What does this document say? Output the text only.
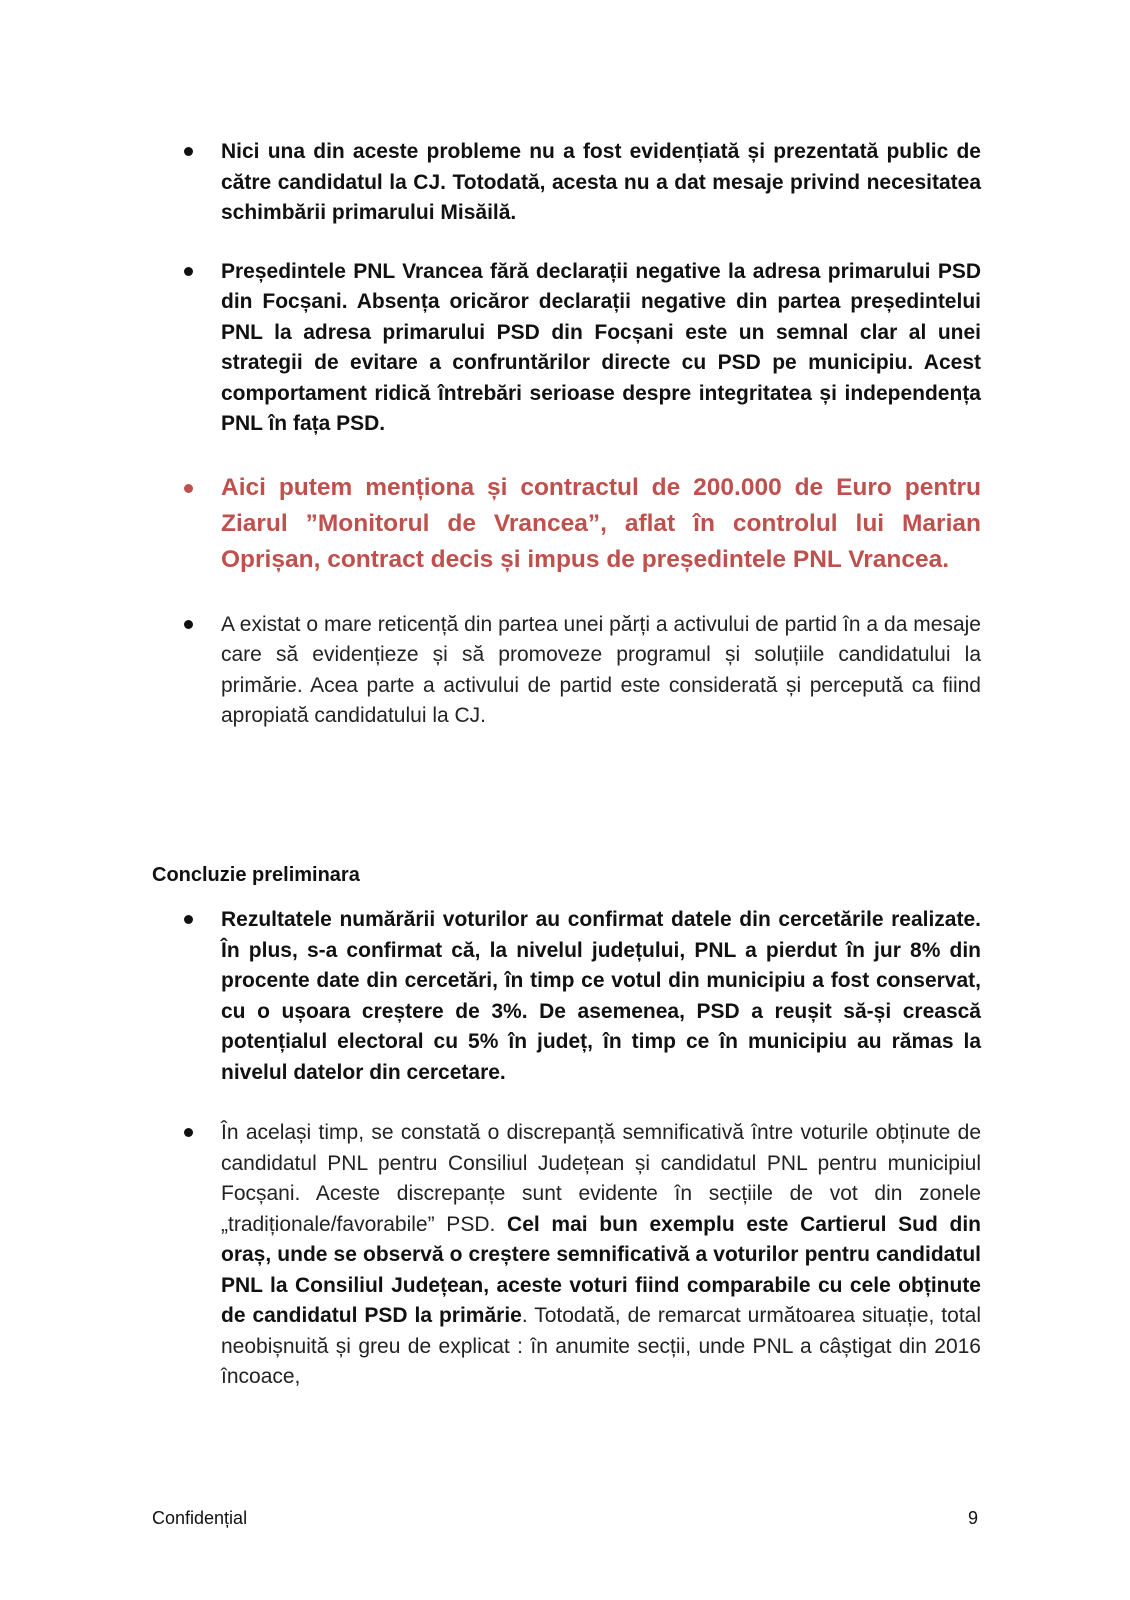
Nici una din aceste probleme nu a fost evidențiată și prezentată public de către candidatul la CJ. Totodată, acesta nu a dat mesaje privind necesitatea schimbării primarului Misăilă.
Președintele PNL Vrancea fără declarații negative la adresa primarului PSD din Focșani. Absența oricăror declarații negative din partea președintelui PNL la adresa primarului PSD din Focșani este un semnal clar al unei strategii de evitare a confruntărilor directe cu PSD pe municipiu. Acest comportament ridică întrebări serioase despre integritatea și independența PNL în fața PSD.
Aici putem menționa și contractul de 200.000 de Euro pentru Ziarul ”Monitorul de Vrancea”, aflat în controlul lui Marian Oprișan, contract decis și impus de președintele PNL Vrancea.
A existat o mare reticență din partea unei părți a activului de partid în a da mesaje care să evidențieze și să promoveze programul și soluțiile candidatului la primărie. Acea parte a activului de partid este considerată și percepută ca fiind apropiată candidatului la CJ.
Concluzie preliminara
Rezultatele numărării voturilor au confirmat datele din cercetările realizate. În plus, s-a confirmat că, la nivelul județului, PNL a pierdut în jur 8% din procente date din cercetări, în timp ce votul din municipiu a fost conservat, cu o ușoara creștere de 3%. De asemenea, PSD a reușit să-și crească potențialul electoral cu 5% în județ, în timp ce în municipiu au rămas la nivelul datelor din cercetare.
În același timp, se constată o discrepanță semnificativă între voturile obținute de candidatul PNL pentru Consiliul Județean și candidatul PNL pentru municipiul Focșani. Aceste discrepanțe sunt evidente în secțiile de vot din zonele „tradiționale/favorabile” PSD. Cel mai bun exemplu este Cartierul Sud din oraș, unde se observă o creștere semnificativă a voturilor pentru candidatul PNL la Consiliul Județean, aceste voturi fiind comparabile cu cele obținute de candidatul PSD la primărie. Totodată, de remarcat următoarea situație, total neobișnuită și greu de explicat : în anumite secții, unde PNL a câștigat din 2016 încoace,
Confidențial	9
